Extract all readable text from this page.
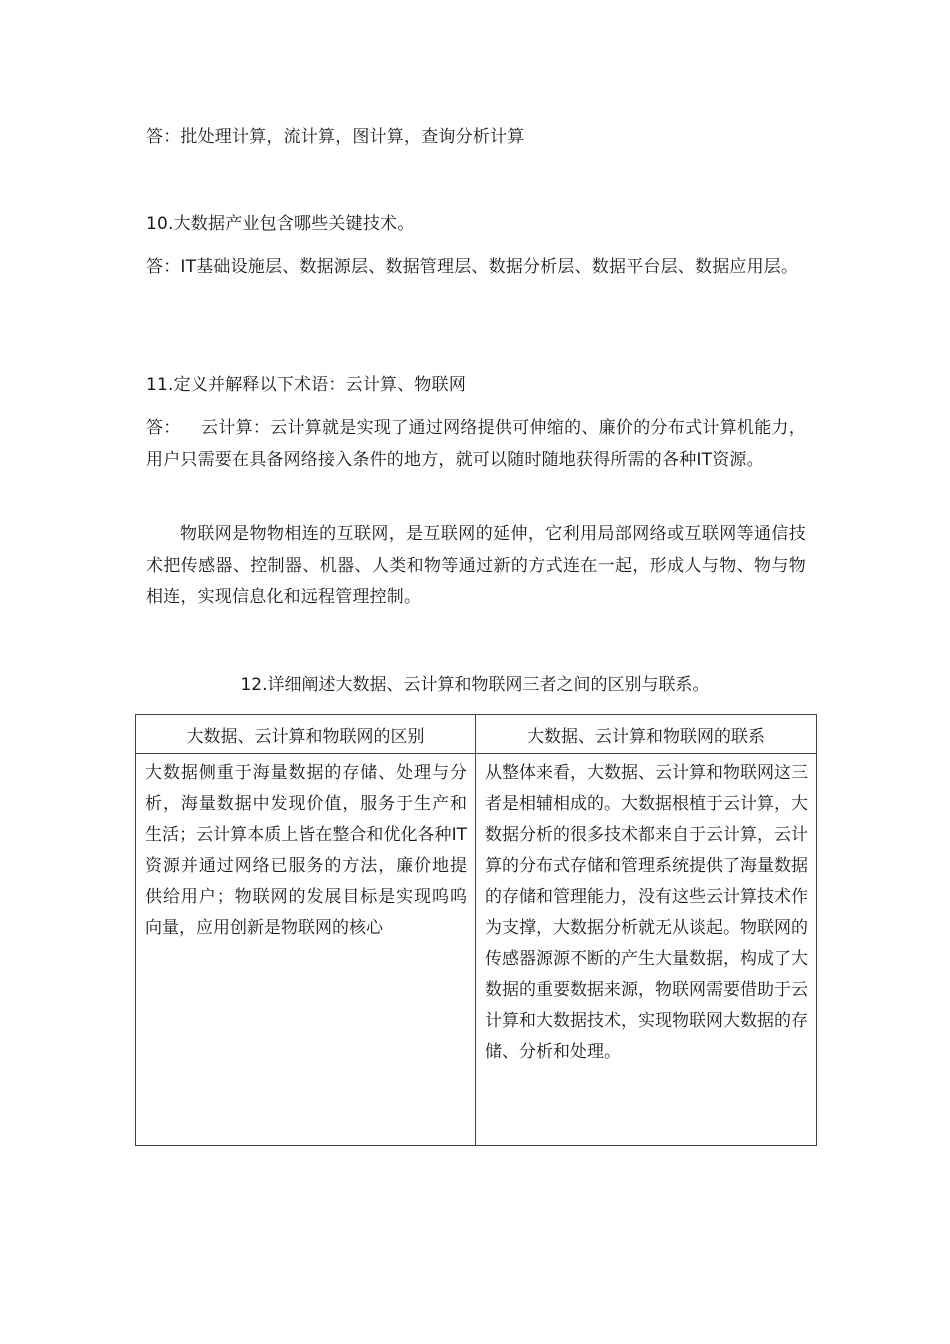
答：批处理计算，流计算，图计算，查询分析计算
10.大数据产业包含哪些关键技术。
答：IT基础设施层、数据源层、数据管理层、数据分析层、数据平台层、数据应用层。
11.定义并解释以下术语：云计算、物联网
答： 云计算：云计算就是实现了通过网络提供可伸缩的、廉价的分布式计算机能力，用户只需要在具备网络接入条件的地方，就可以随时随地获得所需的各种IT资源。
物联网是物物相连的互联网，是互联网的延伸，它利用局部网络或互联网等通信技术把传感器、控制器、机器、人类和物等通过新的方式连在一起，形成人与物、物与物相连，实现信息化和远程管理控制。
12.详细阐述大数据、云计算和物联网三者之间的区别与联系。
大数据、云计算和物联网的区别	大数据、云计算和物联网的联系
大数据侧重于海量数据的存储、处理与分析，海量数据中发现价值，服务于生产和生活；云计算本质上皆在整合和优化各种IT资源并通过网络已服务的方法，廉价地提供给用户；物联网的发展目标是实现呜呜向量，应用创新是物联网的核心	从整体来看，大数据、云计算和物联网这三者是相辅相成的。大数据根植于云计算，大数据分析的很多技术都来自于云计算，云计算的分布式存储和管理系统提供了海量数据的存储和管理能力，没有这些云计算技术作为支撑，大数据分析就无从谈起。物联网的传感器源源不断的产生大量数据，构成了大数据的重要数据来源，物联网需要借助于云计算和大数据技术，实现物联网大数据的存储、分析和处理。
